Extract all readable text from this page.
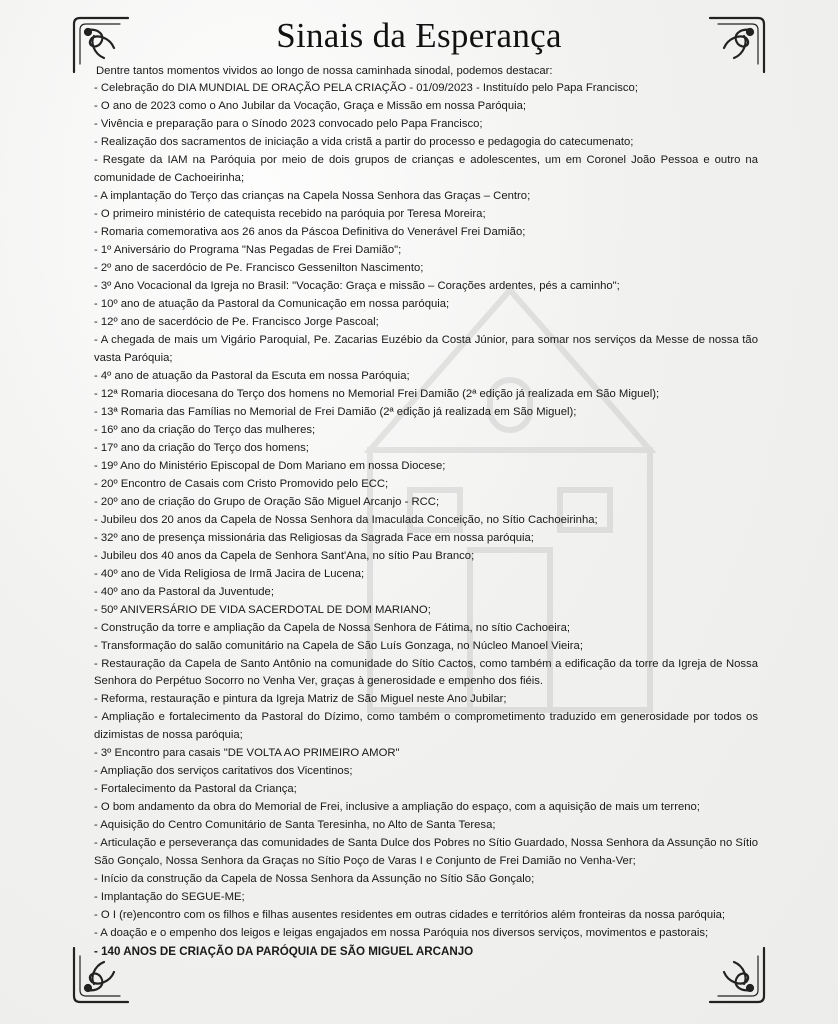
Sinais da Esperança
Dentre tantos momentos vividos ao longo de nossa caminhada sinodal, podemos destacar:
- Celebração do DIA MUNDIAL DE ORAÇÃO PELA CRIAÇÃO - 01/09/2023 - Instituído pelo Papa Francisco;
- O ano de 2023 como o Ano Jubilar da Vocação, Graça e Missão em nossa Paróquia;
- Vivência e preparação para o Sínodo 2023 convocado pelo Papa Francisco;
- Realização dos sacramentos de iniciação a vida cristã a partir do processo e pedagogia do catecumenato;
- Resgate da IAM na Paróquia por meio de dois grupos de crianças e adolescentes, um em Coronel João Pessoa e outro na comunidade de Cachoeirinha;
- A implantação do Terço das crianças na Capela Nossa Senhora das Graças – Centro;
- O primeiro ministério de catequista recebido na paróquia por Teresa Moreira;
- Romaria comemorativa aos 26 anos da Páscoa Definitiva do Venerável Frei Damião;
- 1º Aniversário do Programa "Nas Pegadas de Frei Damião";
- 2º ano de sacerdócio de Pe. Francisco Gessenilton Nascimento;
- 3º Ano Vocacional da Igreja no Brasil: "Vocação: Graça e missão – Corações ardentes, pés a caminho";
- 10º ano de atuação da Pastoral da Comunicação em nossa paróquia;
- 12º ano de sacerdócio de Pe. Francisco Jorge Pascoal;
- A chegada de mais um Vigário Paroquial, Pe. Zacarias Euzébio da Costa Júnior, para somar nos serviços da Messe de nossa tão vasta Paróquia;
- 4º ano de atuação da Pastoral da Escuta em nossa Paróquia;
- 12ª Romaria diocesana do Terço dos homens no Memorial Frei Damião (2ª edição já realizada em São Miguel);
- 13ª Romaria das Famílias no Memorial de Frei Damião (2ª edição já realizada em São Miguel);
- 16º ano da criação do Terço das mulheres;
- 17º ano da criação do Terço dos homens;
- 19º Ano do Ministério Episcopal de Dom Mariano em nossa Diocese;
- 20º Encontro de Casais com Cristo Promovido pelo ECC;
- 20º ano de criação do Grupo de Oração São Miguel Arcanjo - RCC;
- Jubileu dos 20 anos da Capela de Nossa Senhora da Imaculada Conceição, no Sítio Cachoeirinha;
- 32º ano de presença missionária das Religiosas da Sagrada Face em nossa paróquia;
- Jubileu dos 40 anos da Capela de Senhora Sant'Ana, no sítio Pau Branco;
- 40º ano de Vida Religiosa de Irmã Jacira de Lucena;
- 40º ano da Pastoral da Juventude;
- 50º ANIVERSÁRIO DE VIDA SACERDOTAL DE DOM MARIANO;
- Construção da torre e ampliação da Capela de Nossa Senhora de Fátima, no sítio Cachoeira;
- Transformação do salão comunitário na Capela de São Luís Gonzaga, no Núcleo Manoel Vieira;
- Restauração da Capela de Santo Antônio na comunidade do Sítio Cactos, como também a edificação da torre da Igreja de Nossa Senhora do Perpétuo Socorro no Venha Ver, graças à generosidade e empenho dos fiéis.
- Reforma, restauração e pintura da Igreja Matriz de São Miguel neste Ano Jubilar;
- Ampliação e fortalecimento da Pastoral do Dízimo, como também o comprometimento traduzido em generosidade por todos os dizimistas de nossa paróquia;
- 3º Encontro para casais "DE VOLTA AO PRIMEIRO AMOR"
- Ampliação dos serviços caritativos dos Vicentinos;
- Fortalecimento da Pastoral da Criança;
- O bom andamento da obra do Memorial de Frei, inclusive a ampliação do espaço, com a aquisição de mais um terreno;
- Aquisição do Centro Comunitário de Santa Teresinha, no Alto de Santa Teresa;
- Articulação e perseverança das comunidades de Santa Dulce dos Pobres no Sítio Guardado, Nossa Senhora da Assunção no Sítio São Gonçalo, Nossa Senhora da Graças no Sítio Poço de Varas I e Conjunto de Frei Damião no Venha-Ver;
- Início da construção da Capela de Nossa Senhora da Assunção no Sítio São Gonçalo;
- Implantação do SEGUE-ME;
- O I (re)encontro com os filhos e filhas ausentes residentes em outras cidades e territórios além fronteiras da nossa paróquia;
- A doação e o empenho dos leigos e leigas engajados em nossa Paróquia nos diversos serviços, movimentos e pastorais;
- 140 ANOS DE CRIAÇÃO DA PARÓQUIA DE SÃO MIGUEL ARCANJO
